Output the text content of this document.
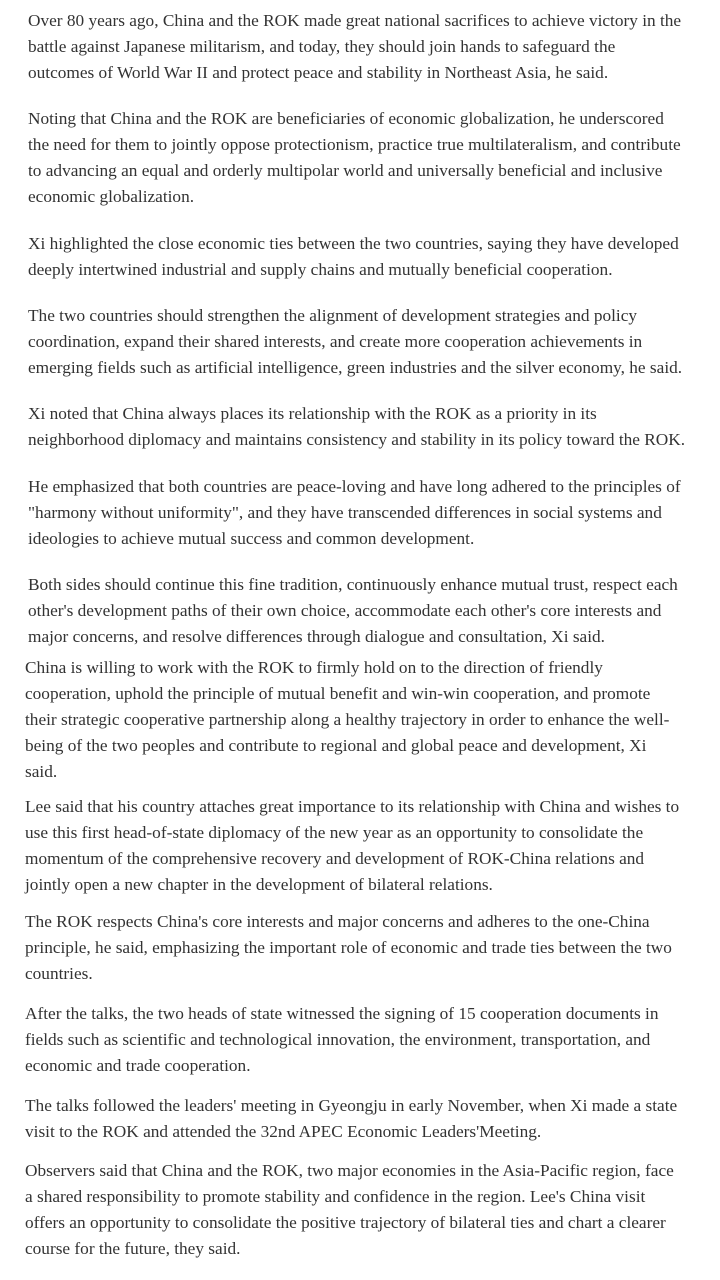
Over 80 years ago, China and the ROK made great national sacrifices to achieve victory in the
battle against Japanese militarism, and today, they should join hands to safeguard the
outcomes of World War II and protect peace and stability in Northeast Asia, he said.

Noting that China and the ROK are beneficiaries of economic globalization, he underscored
the need for them to jointly oppose protectionism, practice true multilateralism, and contribute
to advancing an equal and orderly multipolar world and universally beneficial and inclusive
economic globalization.

Xi highlighted the close economic ties between the two countries, saying they have developed
deeply intertwined industrial and supply chains and mutually beneficial cooperation.

The two countries should strengthen the alignment of development strategies and policy
coordination, expand their shared interests, and create more cooperation achievements in
emerging fields such as artificial intelligence, green industries and the silver economy, he said.

Xi noted that China always places its relationship with the ROK as a priority in its
neighborhood diplomacy and maintains consistency and stability in its policy toward the ROK.

He emphasized that both countries are peace-loving and have long adhered to the principles of
"harmony without uniformity", and they have transcended differences in social systems and
ideologies to achieve mutual success and common development.

Both sides should continue this fine tradition, continuously enhance mutual trust, respect each
other's development paths of their own choice, accommodate each other's core interests and
major concerns, and resolve differences through dialogue and consultation, Xi said.

China is willing to work with the ROK to firmly hold on to the direction of friendly
cooperation, uphold the principle of mutual benefit and win-win cooperation, and promote
their strategic cooperative partnership along a healthy trajectory in order to enhance the well-
being of the two peoples and contribute to regional and global peace and development, Xi
said.

Lee said that his country attaches great importance to its relationship with China and wishes to
use this first head-of-state diplomacy of the new year as an opportunity to consolidate the
momentum of the comprehensive recovery and development of ROK-China relations and
jointly open a new chapter in the development of bilateral relations.

The ROK respects China's core interests and major concerns and adheres to the one-China
principle, he said, emphasizing the important role of economic and trade ties between the two
countries.

After the talks, the two heads of state witnessed the signing of 15 cooperation documents in
fields such as scientific and technological innovation, the environment, transportation, and
economic and trade cooperation.

The talks followed the leaders' meeting in Gyeongju in early November, when Xi made a state
visit to the ROK and attended the 32nd APEC Economic Leaders'Meeting.

Observers said that China and the ROK, two major economies in the Asia-Pacific region, face
a shared responsibility to promote stability and confidence in the region. Lee's China visit
offers an opportunity to consolidate the positive trajectory of bilateral ties and chart a clearer
course for the future, they said.
